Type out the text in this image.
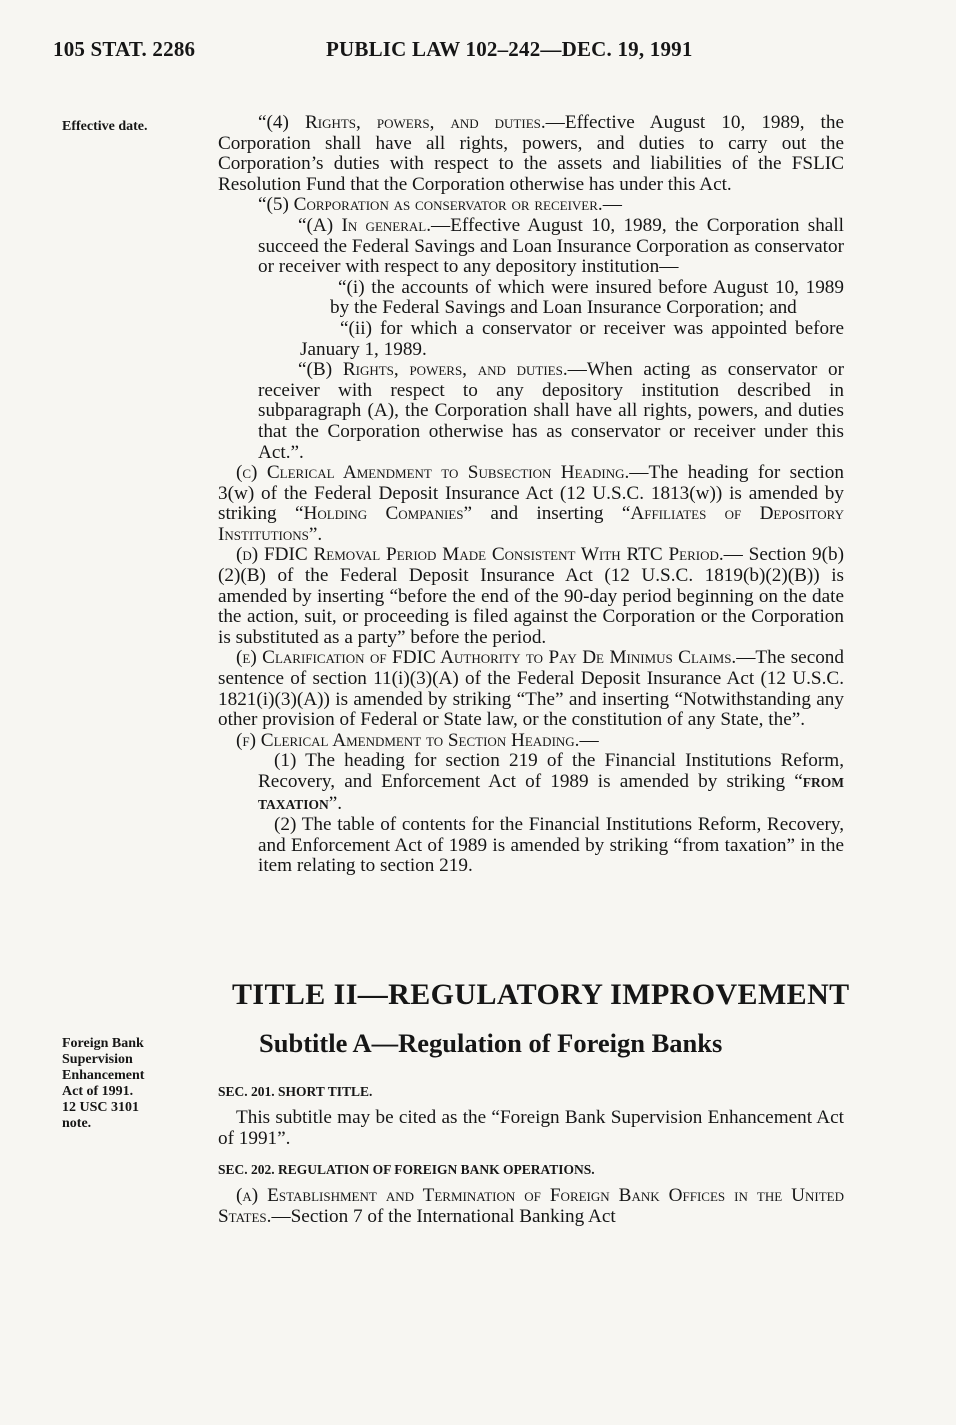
105 STAT. 2286	PUBLIC LAW 102–242—DEC. 19, 1991
Effective date.
Foreign Bank
Supervision
Enhancement
Act of 1991.
12 USC 3101
note.
“(4) Rights, powers, and duties.—Effective August 10, 1989, the Corporation shall have all rights, powers, and duties to carry out the Corporation’s duties with respect to the assets and liabilities of the FSLIC Resolution Fund that the Corporation otherwise has under this Act.
“(5) Corporation as conservator or receiver.—
“(A) In general.—Effective August 10, 1989, the Corporation shall succeed the Federal Savings and Loan Insurance Corporation as conservator or receiver with respect to any depository institution—
“(i) the accounts of which were insured before August 10, 1989 by the Federal Savings and Loan Insurance Corporation; and
“(ii) for which a conservator or receiver was appointed before January 1, 1989.
“(B) Rights, powers, and duties.—When acting as conservator or receiver with respect to any depository institution described in subparagraph (A), the Corporation shall have all rights, powers, and duties that the Corporation otherwise has as conservator or receiver under this Act.”.
(c) Clerical Amendment to Subsection Heading.—The heading for section 3(w) of the Federal Deposit Insurance Act (12 U.S.C. 1813(w)) is amended by striking “Holding Companies” and inserting “Affiliates of Depository Institutions”.
(d) FDIC Removal Period Made Consistent With RTC Period.— Section 9(b)(2)(B) of the Federal Deposit Insurance Act (12 U.S.C. 1819(b)(2)(B)) is amended by inserting “before the end of the 90-day period beginning on the date the action, suit, or proceeding is filed against the Corporation or the Corporation is substituted as a party” before the period.
(e) Clarification of FDIC Authority to Pay De Minimus Claims.—The second sentence of section 11(i)(3)(A) of the Federal Deposit Insurance Act (12 U.S.C. 1821(i)(3)(A)) is amended by striking “The” and inserting “Notwithstanding any other provision of Federal or State law, or the constitution of any State, the”.
(f) Clerical Amendment to Section Heading.—
(1) The heading for section 219 of the Financial Institutions Reform, Recovery, and Enforcement Act of 1989 is amended by striking “FROM TAXATION”.
(2) The table of contents for the Financial Institutions Reform, Recovery, and Enforcement Act of 1989 is amended by striking “from taxation” in the item relating to section 219.
TITLE II—REGULATORY IMPROVEMENT
Subtitle A—Regulation of Foreign Banks
SEC. 201. SHORT TITLE.
This subtitle may be cited as the “Foreign Bank Supervision Enhancement Act of 1991”.
SEC. 202. REGULATION OF FOREIGN BANK OPERATIONS.
(a) Establishment and Termination of Foreign Bank Offices in the United States.—Section 7 of the International Banking Act
